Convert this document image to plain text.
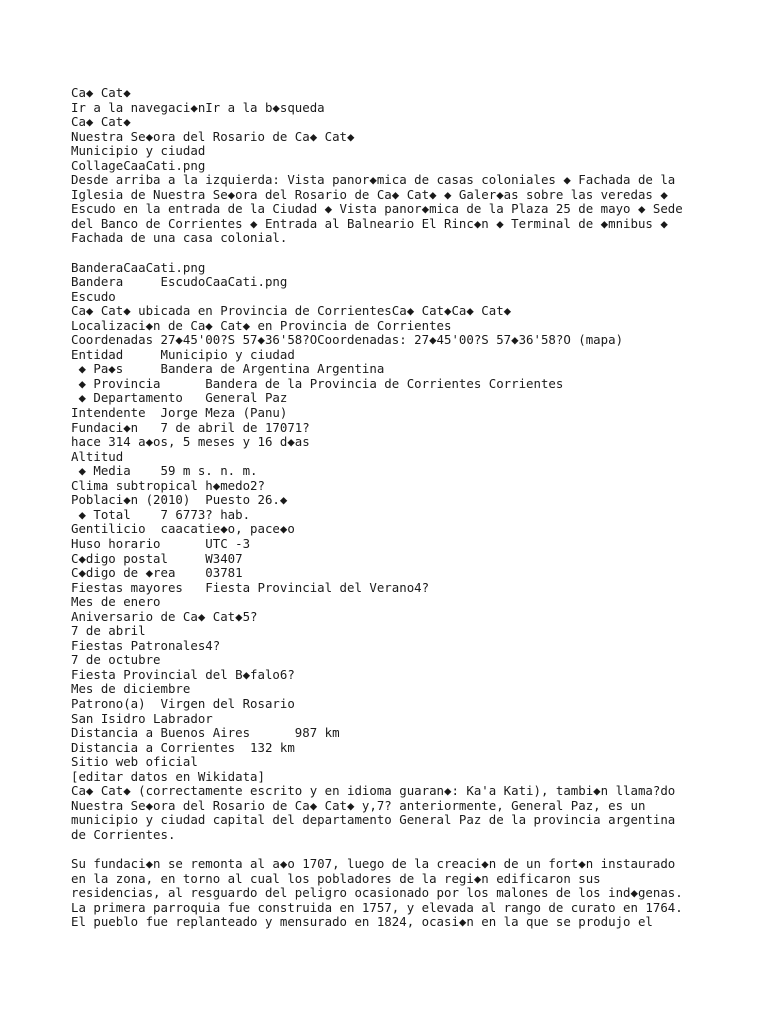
Ca◆ Cat◆
Ir a la navegaci◆nIr a la b◆squeda
Ca◆ Cat◆
Nuestra Se◆ora del Rosario de Ca◆ Cat◆
Municipio y ciudad
CollageCaaCati.png
Desde arriba a la izquierda: Vista panor◆mica de casas coloniales ◆ Fachada de la
Iglesia de Nuestra Se◆ora del Rosario de Ca◆ Cat◆ ◆ Galer◆as sobre las veredas ◆
Escudo en la entrada de la Ciudad ◆ Vista panor◆mica de la Plaza 25 de mayo ◆ Sede
del Banco de Corrientes ◆ Entrada al Balneario El Rinc◆n ◆ Terminal de ◆mnibus ◆
Fachada de una casa colonial.
BanderaCaaCati.png
Bandera     EscudoCaaCati.png
Escudo
Ca◆ Cat◆ ubicada en Provincia de CorrientesCa◆ Cat◆Ca◆ Cat◆
Localizaci◆n de Ca◆ Cat◆ en Provincia de Corrientes
Coordenadas 27◆45'00?S 57◆36'58?OCoordenadas: 27◆45'00?S 57◆36'58?O (mapa)
Entidad     Municipio y ciudad
◆ Pa◆s     Bandera de Argentina Argentina
◆ Provincia      Bandera de la Provincia de Corrientes Corrientes
◆ Departamento   General Paz
Intendente  Jorge Meza (Panu)
Fundaci◆n   7 de abril de 17071?
hace 314 a◆os, 5 meses y 16 d◆as
Altitud
◆ Media    59 m s. n. m.
Clima subtropical h◆medo2?
Poblaci◆n (2010)  Puesto 26.◆
◆ Total    7 6773? hab.
Gentilicio  caacatie◆o, pace◆o
Huso horario      UTC -3
C◆digo postal     W3407
C◆digo de ◆rea    03781
Fiestas mayores   Fiesta Provincial del Verano4?
Mes de enero
Aniversario de Ca◆ Cat◆5?
7 de abril
Fiestas Patronales4?
7 de octubre
Fiesta Provincial del B◆falo6?
Mes de diciembre
Patrono(a)  Virgen del Rosario
San Isidro Labrador
Distancia a Buenos Aires      987 km
Distancia a Corrientes  132 km
Sitio web oficial
[editar datos en Wikidata]
Ca◆ Cat◆ (correctamente escrito y en idioma guaran◆: Ka'a Kati), tambi◆n llama?do
Nuestra Se◆ora del Rosario de Ca◆ Cat◆ y,7? anteriormente, General Paz, es un
municipio y ciudad capital del departamento General Paz de la provincia argentina
de Corrientes.
Su fundaci◆n se remonta al a◆o 1707, luego de la creaci◆n de un fort◆n instaurado
en la zona, en torno al cual los pobladores de la regi◆n edificaron sus
residencias, al resguardo del peligro ocasionado por los malones de los ind◆genas.
La primera parroquia fue construida en 1757, y elevada al rango de curato en 1764.
El pueblo fue replanteado y mensurado en 1824, ocasi◆n en la que se produjo el
